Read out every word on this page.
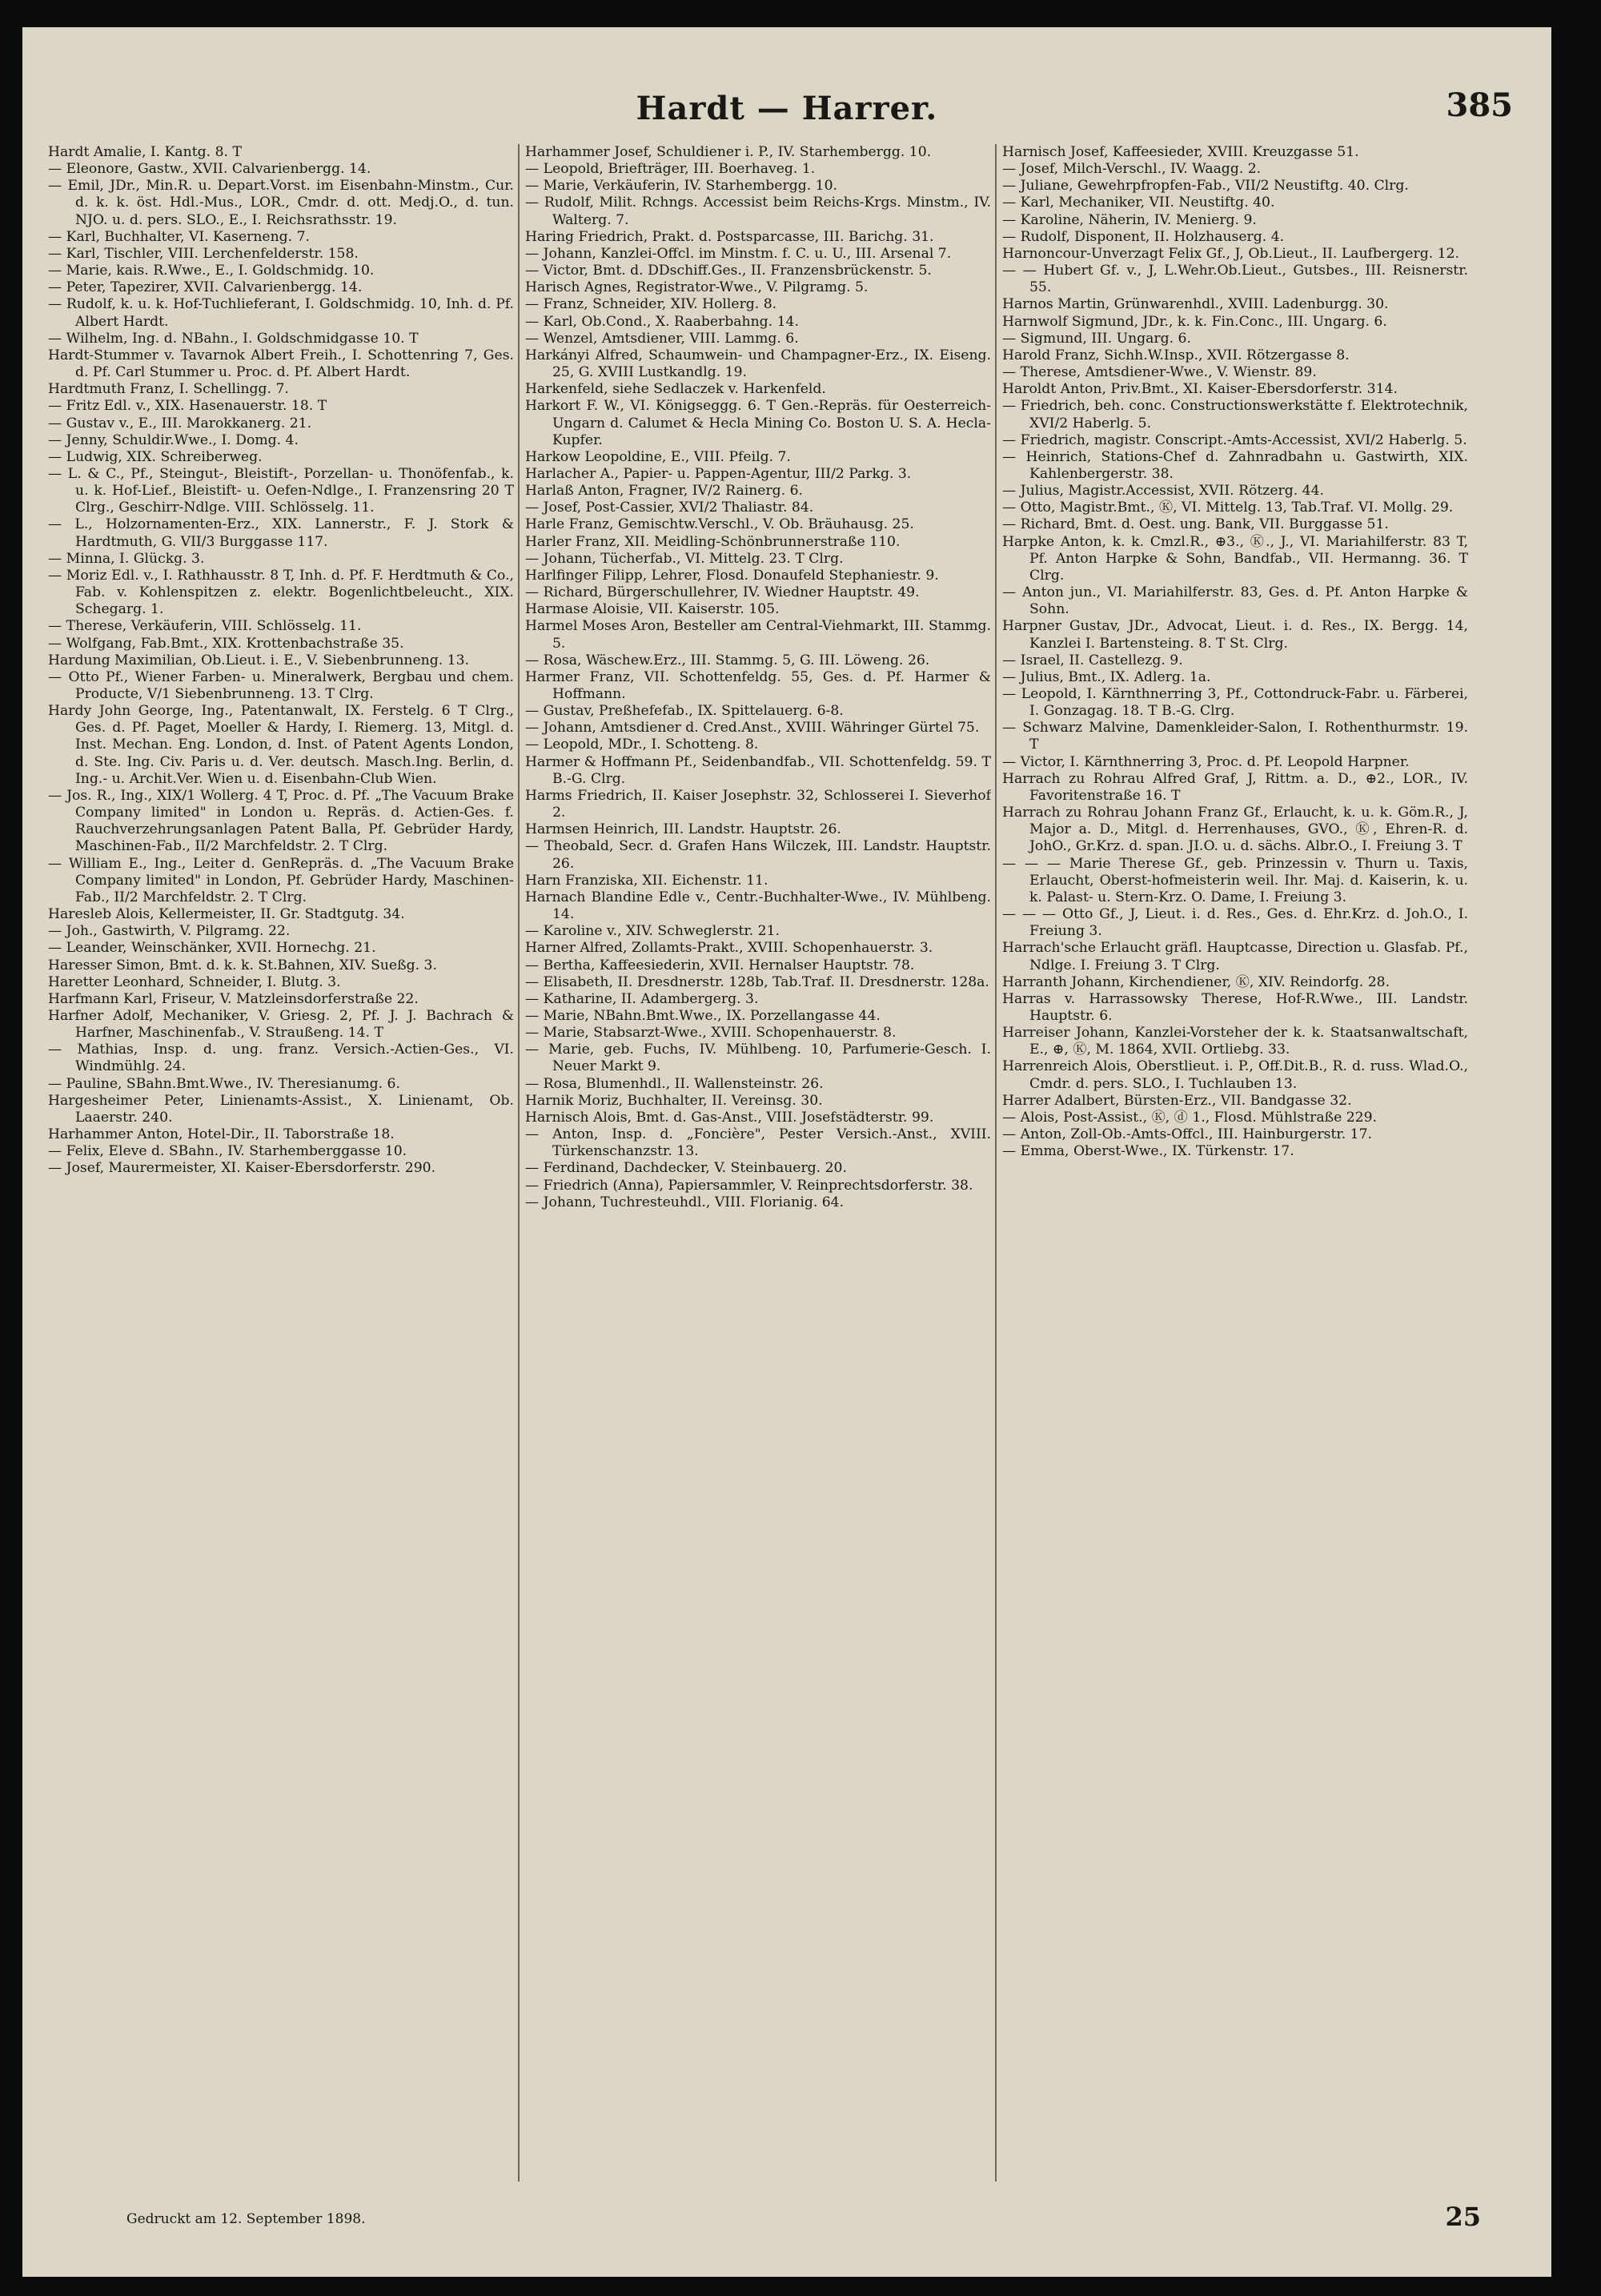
Hardt — Harrer.	385

Hardt Amalie, I. Kantg. 8. T

— Eleonore, Gastw., XVII. Calvarienbergg. 14.

— Emil, JDr., Min.R. u. Depart.Vorst. im Eisenbahn-Minstm., Cur. d. k. k. öst. Hdl.-Mus., LOR., Cmdr. d. ott. Medj.O., d. tun. NJO. u. d. pers. SLO., E., I. Reichsrathsstr. 19.

— Karl, Buchhalter, VI. Kaserneng. 7.

— Karl, Tischler, VIII. Lerchenfelderstr. 158.

— Marie, kais. R.Wwe., E., I. Goldschmidg. 10.

— Peter, Tapezirer, XVII. Calvarienbergg. 14.

— Rudolf, k. u. k. Hof-Tuchlieferant, I. Goldschmidg. 10, Inh. d. Pf. Albert Hardt.

— Wilhelm, Ing. d. NBahn., I. Goldschmidgasse 10. T

Hardt-Stummer v. Tavarnok Albert Freih., I. Schottenring 7, Ges. d. Pf. Carl Stummer u. Proc. d. Pf. Albert Hardt.

Hardtmuth Franz, I. Schellingg. 7.

— Fritz Edl. v., XIX. Hasenauerstr. 18. T

— Gustav v., E., III. Marokkanerg. 21.

— Jenny, Schuldir.Wwe., I. Domg. 4.

— Ludwig, XIX. Schreiberweg.

— L. & C., Pf., Steingut-, Bleistift-, Porzellan- u. Thonöfenfab., k. u. k. Hof-Lief., Bleistift- u. Oefen-Ndlge., I. Franzensring 20 T Clrg., Geschirr-Ndlge. VIII. Schlösselg. 11.

— L., Holzornamenten-Erz., XIX. Lannerstr., F. J. Stork & Hardtmuth, G. VII/3 Burggasse 117.

— Minna, I. Glückg. 3.

— Moriz Edl. v., I. Rathhausstr. 8 T, Inh. d. Pf. F. Herdtmuth & Co., Fab. v. Kohlenspitzen z. elektr. Bogenlichtbeleucht., XIX. Schegarg. 1.

— Therese, Verkäuferin, VIII. Schlösselg. 11.

— Wolfgang, Fab.Bmt., XIX. Krottenbachstraße 35.

Hardung Maximilian, Ob.Lieut. i. E., V. Siebenbrunneng. 13.

— Otto Pf., Wiener Farben- u. Mineralwerk, Bergbau und chem. Producte, V/1 Siebenbrunneng. 13. T Clrg.

Hardy John George, Ing., Patentanwalt, IX. Ferstelg. 6 T Clrg., Ges. d. Pf. Paget, Moeller & Hardy, I. Riemerg. 13, Mitgl. d. Inst. Mechan. Eng. London, d. Inst. of Patent Agents London, d. Ste. Ing. Civ. Paris u. d. Ver. deutsch. Masch.Ing. Berlin, d. Ing.- u. Archit.Ver. Wien u. d. Eisenbahn-Club Wien.

— Jos. R., Ing., XIX/1 Wollerg. 4 T, Proc. d. Pf. „The Vacuum Brake Company limited" in London u. Repräs. d. Actien-Ges. f. Rauchverzehrungsanlagen Patent Balla, Pf. Gebrüder Hardy, Maschinen-Fab., II/2 Marchfeldstr. 2. T Clrg.

— William E., Ing., Leiter d. GenRepräs. d. „The Vacuum Brake Company limited" in London, Pf. Gebrüder Hardy, Maschinen-Fab., II/2 Marchfeldstr. 2. T Clrg.

Haresleb Alois, Kellermeister, II. Gr. Stadtgutg. 34.

— Joh., Gastwirth, V. Pilgramg. 22.

— Leander, Weinschänker, XVII. Hornechg. 21.

Haresser Simon, Bmt. d. k. k. St.Bahnen, XIV. Sueßg. 3.

Haretter Leonhard, Schneider, I. Blutg. 3.

Harfmann Karl, Friseur, V. Matzleinsdorferstraße 22.

Harfner Adolf, Mechaniker, V. Griesg. 2, Pf. J. J. Bachrach & Harfner, Maschinenfab., V. Straußeng. 14. T

— Mathias, Insp. d. ung. franz. Versich.-Actien-Ges., VI. Windmühlg. 24.

— Pauline, SBahn.Bmt.Wwe., IV. Theresianumg. 6.

Hargesheimer Peter, Linienamts-Assist., X. Linienamt, Ob. Laaerstr. 240.

Harhammer Anton, Hotel-Dir., II. Taborstraße 18.

— Felix, Eleve d. SBahn., IV. Starhemberggasse 10.

— Josef, Maurermeister, XI. Kaiser-Ebersdorferstr. 290.

Harhammer Josef, Schuldiener i. P., IV. Starhembergg. 10.

— Leopold, Briefträger, III. Boerhaveg. 1.

— Marie, Verkäuferin, IV. Starhembergg. 10.

— Rudolf, Milit. Rchngs. Accessist beim Reichs-Krgs. Minstm., IV. Walterg. 7.

Haring Friedrich, Prakt. d. Postsparcasse, III. Barichg. 31.

— Johann, Kanzlei-Offcl. im Minstm. f. C. u. U., III. Arsenal 7.

— Victor, Bmt. d. DDschiff.Ges., II. Franzensbrückenstr. 5.

Harisch Agnes, Registrator-Wwe., V. Pilgramg. 5.

— Franz, Schneider, XIV. Hollerg. 8.

— Karl, Ob.Cond., X. Raaberbahng. 14.

— Wenzel, Amtsdiener, VIII. Lammg. 6.

Harkányi Alfred, Schaumwein- und Champagner-Erz., IX. Eiseng. 25, G. XVIII Lustkandlg. 19.

Harkenfeld, siehe Sedlaczek v. Harkenfeld.

Harkort F. W., VI. Königseggg. 6. T Gen.-Repräs. für Oesterreich-Ungarn d. Calumet & Hecla Mining Co. Boston U. S. A. Hecla-Kupfer.

Harkow Leopoldine, E., VIII. Pfeilg. 7.

Harlacher A., Papier- u. Pappen-Agentur, III/2 Parkg. 3.

Harlaß Anton, Fragner, IV/2 Rainerg. 6.

— Josef, Post-Cassier, XVI/2 Thaliastr. 84.

Harle Franz, Gemischtw.Verschl., V. Ob. Bräuhausg. 25.

Harler Franz, XII. Meidling-Schönbrunnerstraße 110.

— Johann, Tücherfab., VI. Mittelg. 23. T Clrg.

Harlfinger Filipp, Lehrer, Flosd. Donaufeld Stephaniestr. 9.

— Richard, Bürgerschullehrer, IV. Wiedner Hauptstr. 49.

Harmase Aloisie, VII. Kaiserstr. 105.

Harmel Moses Aron, Besteller am Central-Viehmarkt, III. Stammg. 5.

— Rosa, Wäschew.Erz., III. Stammg. 5, G. III. Löweng. 26.

Harmer Franz, VII. Schottenfeldg. 55, Ges. d. Pf. Harmer & Hoffmann.

— Gustav, Preßhefefab., IX. Spittelauerg. 6-8.

— Johann, Amtsdiener d. Cred.Anst., XVIII. Währinger Gürtel 75.

— Leopold, MDr., I. Schotteng. 8.

Harmer & Hoffmann Pf., Seidenbandfab., VII. Schottenfeldg. 59. T B.-G. Clrg.

Harms Friedrich, II. Kaiser Josephstr. 32, Schlosserei I. Sieverhof 2.

Harmsen Heinrich, III. Landstr. Hauptstr. 26.

— Theobald, Secr. d. Grafen Hans Wilczek, III. Landstr. Hauptstr. 26.

Harn Franziska, XII. Eichenstr. 11.

Harnach Blandine Edle v., Centr.-Buchhalter-Wwe., IV. Mühlbeng. 14.

— Karoline v., XIV. Schweglerstr. 21.

Harner Alfred, Zollamts-Prakt., XVIII. Schopenhauerstr. 3.

— Bertha, Kaffeesiederin, XVII. Hernalser Hauptstr. 78.

— Elisabeth, II. Dresdnerstr. 128b, Tab.Traf. II. Dresdnerstr. 128a.

— Katharine, II. Adambergerg. 3.

— Marie, NBahn.Bmt.Wwe., IX. Porzellangasse 44.

— Marie, Stabsarzt-Wwe., XVIII. Schopenhauerstr. 8.

— Marie, geb. Fuchs, IV. Mühlbeng. 10, Parfumerie-Gesch. I. Neuer Markt 9.

— Rosa, Blumenhdl., II. Wallensteinstr. 26.

Harnik Moriz, Buchhalter, II. Vereinsg. 30.

Harnisch Alois, Bmt. d. Gas-Anst., VIII. Josefstädterstr. 99.

— Anton, Insp. d. „Foncière", Pester Versich.-Anst., XVIII. Türkenschanzstr. 13.

— Ferdinand, Dachdecker, V. Steinbauerg. 20.

— Friedrich (Anna), Papiersammler, V. Reinprechtsdorferstr. 38.

— Johann, Tuchresteuhdl., VIII. Florianig. 64.

Harnisch Josef, Kaffeesieder, XVIII. Kreuzgasse 51.

— Josef, Milch-Verschl., IV. Waagg. 2.

— Juliane, Gewehrpfropfen-Fab., VII/2 Neustiftg. 40. Clrg.

— Karl, Mechaniker, VII. Neustiftg. 40.

— Karoline, Näherin, IV. Menierg. 9.

— Rudolf, Disponent, II. Holzhauserg. 4.

Harnoncour-Unverzagt Felix Gf., J, Ob.Lieut., II. Laufbergerg. 12.

— — Hubert Gf. v., J, L.Wehr.Ob.Lieut., Gutsbes., III. Reisnerstr. 55.

Harnos Martin, Grünwarenhdl., XVIII. Ladenburgg. 30.

Harnwolf Sigmund, JDr., k. k. Fin.Conc., III. Ungarg. 6.

— Sigmund, III. Ungarg. 6.

Harold Franz, Sichh.W.Insp., XVII. Rötzergasse 8.

— Therese, Amtsdiener-Wwe., V. Wienstr. 89.

Haroldt Anton, Priv.Bmt., XI. Kaiser-Ebersdorferstr. 314.

— Friedrich, beh. conc. Constructionswerkstätte f. Elektrotechnik, XVI/2 Haberlg. 5.

— Friedrich, magistr. Conscript.-Amts-Accessist, XVI/2 Haberlg. 5.

— Heinrich, Stations-Chef d. Zahnradbahn u. Gastwirth, XIX. Kahlenbergerstr. 38.

— Julius, Magistr.Accessist, XVII. Rötzerg. 44.

— Otto, Magistr.Bmt., Ⓚ, VI. Mittelg. 13, Tab.Traf. VI. Mollg. 29.

— Richard, Bmt. d. Oest. ung. Bank, VII. Burggasse 51.

Harpke Anton, k. k. Cmzl.R., ⊕3., Ⓚ., J., VI. Mariahilferstr. 83 T, Pf. Anton Harpke & Sohn, Bandfab., VII. Hermanng. 36. T Clrg.

— Anton jun., VI. Mariahilferstr. 83, Ges. d. Pf. Anton Harpke & Sohn.

Harpner Gustav, JDr., Advocat, Lieut. i. d. Res., IX. Bergg. 14, Kanzlei I. Bartensteing. 8. T St. Clrg.

— Israel, II. Castellezg. 9.

— Julius, Bmt., IX. Adlerg. 1a.

— Leopold, I. Kärnthnerring 3, Pf., Cottondruck-Fabr. u. Färberei, I. Gonzagag. 18. T B.-G. Clrg.

— Schwarz Malvine, Damenkleider-Salon, I. Rothenthurmstr. 19. T

— Victor, I. Kärnthnerring 3, Proc. d. Pf. Leopold Harpner.

Harrach zu Rohrau Alfred Graf, J, Rittm. a. D., ⊕2., LOR., IV. Favoritenstraße 16. T

Harrach zu Rohrau Johann Franz Gf., Erlaucht, k. u. k. Göm.R., J, Major a. D., Mitgl. d. Herrenhauses, GVO., Ⓚ, Ehren-R. d. JohO., Gr.Krz. d. span. JI.O. u. d. sächs. Albr.O., I. Freiung 3. T

— — — Marie Therese Gf., geb. Prinzessin v. Thurn u. Taxis, Erlaucht, Oberst-hofmeisterin weil. Ihr. Maj. d. Kaiserin, k. u. k. Palast- u. Stern-Krz. O. Dame, I. Freiung 3.

— — — Otto Gf., J, Lieut. i. d. Res., Ges. d. Ehr.Krz. d. Joh.O., I. Freiung 3.

Harrach'sche Erlaucht gräfl. Hauptcasse, Direction u. Glasfab. Pf., Ndlge. I. Freiung 3. T Clrg.

Harranth Johann, Kirchendiener, Ⓚ, XIV. Reindorfg. 28.

Harras v. Harrassowsky Therese, Hof-R.Wwe., III. Landstr. Hauptstr. 6.

Harreiser Johann, Kanzlei-Vorsteher der k. k. Staatsanwaltschaft, E., ⊕, Ⓚ, M. 1864, XVII. Ortliebg. 33.

Harrenreich Alois, Oberstlieut. i. P., Off.Dit.B., R. d. russ. Wlad.O., Cmdr. d. pers. SLO., I. Tuchlauben 13.

Harrer Adalbert, Bürsten-Erz., VII. Bandgasse 32.

— Alois, Post-Assist., Ⓚ, ⓓ 1., Flosd. Mühlstraße 229.

— Anton, Zoll-Ob.-Amts-Offcl., III. Hainburgerstr. 17.

— Emma, Oberst-Wwe., IX. Türkenstr. 17.

Gedruckt am 12. September 1898.	25
